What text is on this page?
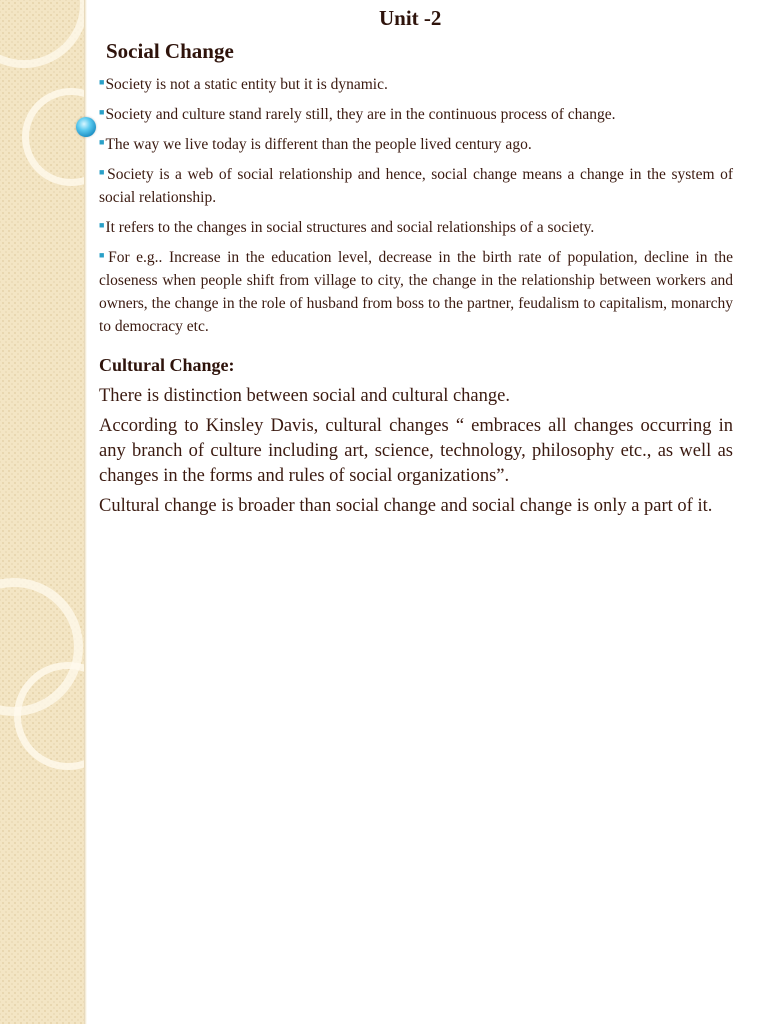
Unit -2
Social Change
■Society is not a static entity but it is dynamic.
■Society and culture stand rarely still, they are in the continuous process of change.
■The way we live today is different than the people lived century ago.
■Society is a web of social relationship and hence, social change means a change in the system of social relationship.
■It refers to the changes in social structures and social relationships of a society.
■For e.g.. Increase in the education level, decrease in the birth rate of population, decline in the closeness when people shift from village to city, the change in the relationship between workers and owners, the change in the role of husband from boss to the partner, feudalism to capitalism, monarchy to democracy etc.
Cultural Change:

There is distinction between social and cultural change.

According to Kinsley Davis, cultural changes “ embraces all changes occurring in any branch of culture including art, science, technology, philosophy etc., as well as changes in the forms and rules of social organizations”.

Cultural change is broader than social change and social change is only a part of it.
